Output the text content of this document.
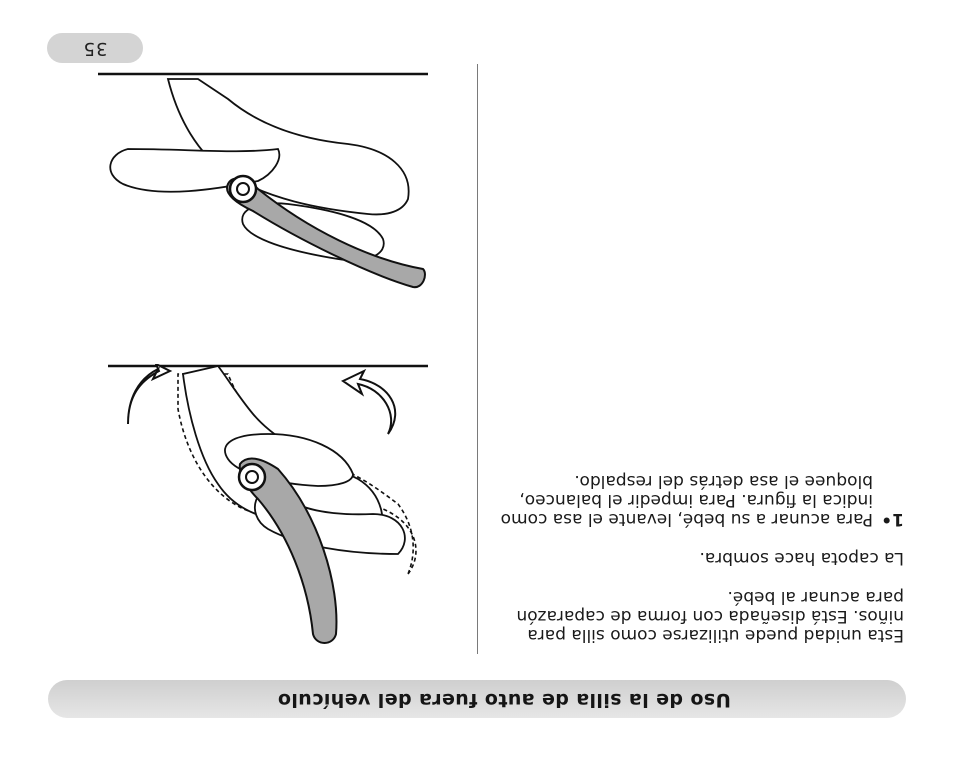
Uso de la silla de auto fuera del vehículo

Esta unidad puede utilizarse como silla para niños. Está diseñada con forma de caparazón para acunar al bebé.

La capota hace sombra.

1•
Para acunar a su bebé, levante el asa como indica la figura. Para impedir el balanceo, bloquee el asa detrás del respaldo.

35
